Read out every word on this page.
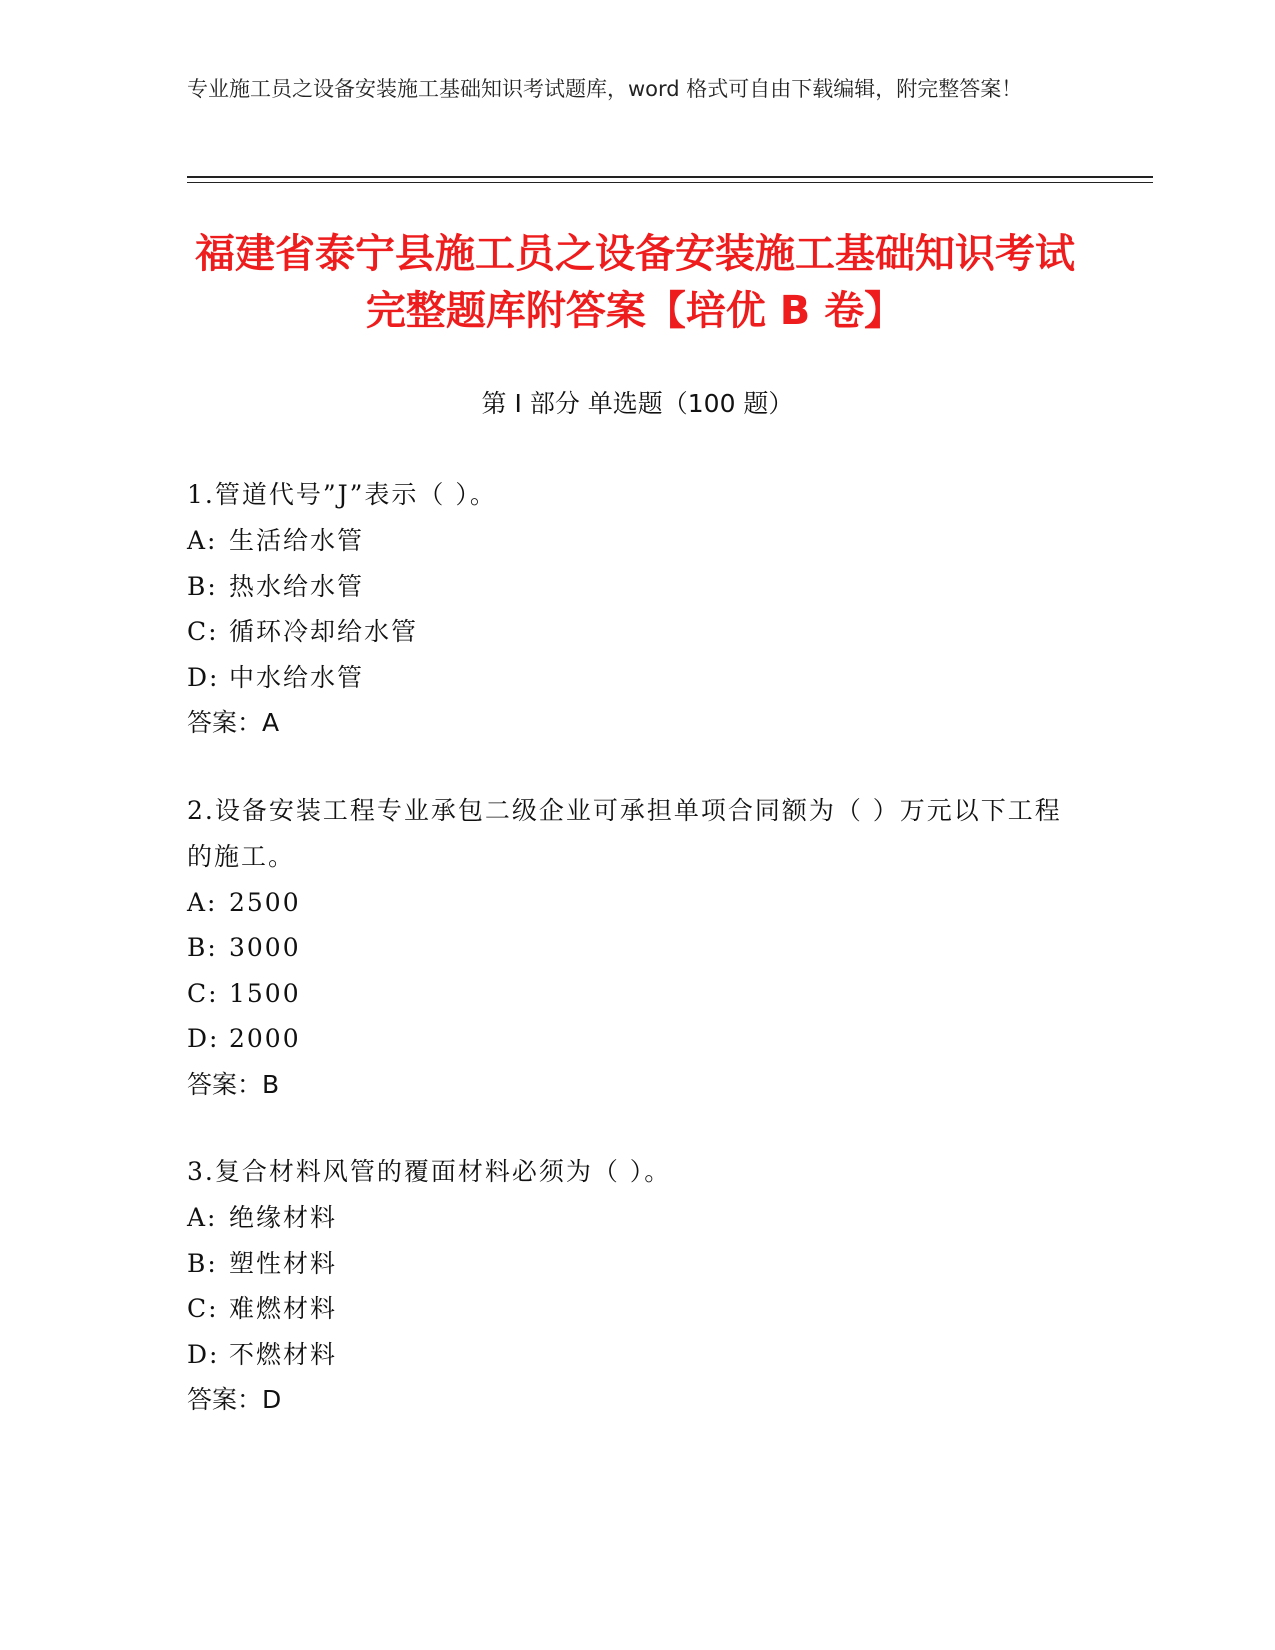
专业施工员之设备安装施工基础知识考试题库，word 格式可自由下载编辑，附完整答案！
福建省泰宁县施工员之设备安装施工基础知识考试完整题库附答案【培优 B 卷】
第 I 部分 单选题（100 题）
1.管道代号”J”表示（ ）。
A: 生活给水管
B: 热水给水管
C: 循环冷却给水管
D: 中水给水管
答案：A
2.设备安装工程专业承包二级企业可承担单项合同额为（ ）万元以下工程的施工。
A: 2500
B: 3000
C: 1500
D: 2000
答案：B
3.复合材料风管的覆面材料必须为（ ）。
A: 绝缘材料
B: 塑性材料
C: 难燃材料
D: 不燃材料
答案：D
